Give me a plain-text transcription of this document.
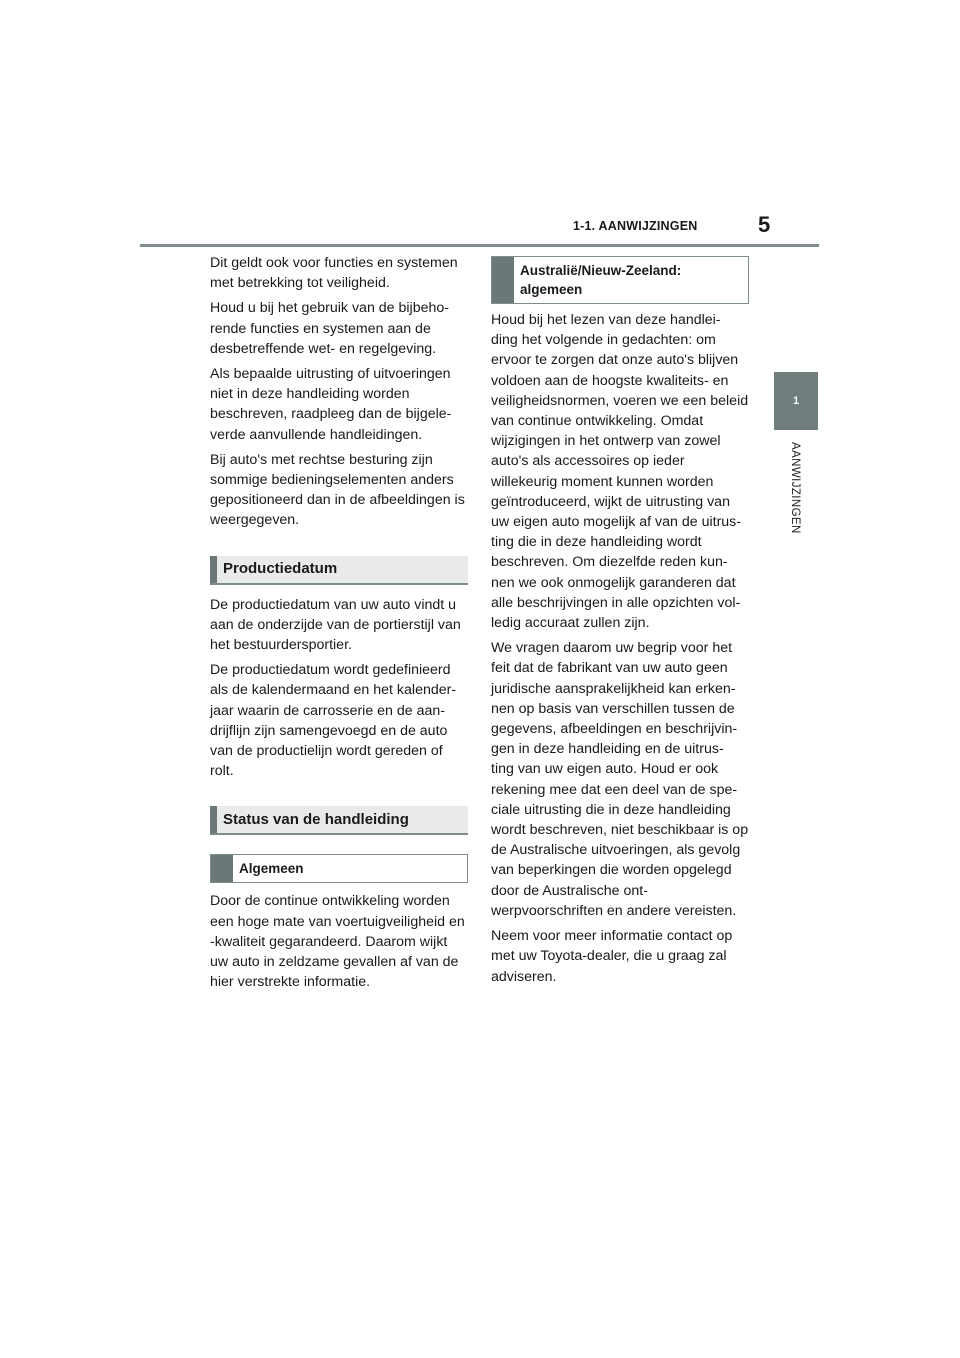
1-1. AANWIJZINGEN	5
1
AANWIJZINGEN

Dit geldt ook voor functies en systemen met betrekking tot veiligheid.

Houd u bij het gebruik van de bijbeho- rende functies en systemen aan de desbetreffende wet- en regelgeving.

Als bepaalde uitrusting of uitvoeringen niet in deze handleiding worden beschreven, raadpleeg dan de bijgele- verde aanvullende handleidingen.

Bij auto's met rechtse besturing zijn sommige bedieningselementen anders gepositioneerd dan in de afbeeldingen is weergegeven.

Productiedatum

De productiedatum van uw auto vindt u aan de onderzijde van de portierstijl van het bestuurdersportier.

De productiedatum wordt gedefinieerd als de kalendermaand en het kalender- jaar waarin de carrosserie en de aan- drijflijn zijn samengevoegd en de auto van de productielijn wordt gereden of rolt.

Status van de handleiding
Algemeen

Door de continue ontwikkeling worden een hoge mate van voertuigveiligheid en -kwaliteit gegarandeerd. Daarom wijkt uw auto in zeldzame gevallen af van de hier verstrekte informatie.

Australië/Nieuw-Zeeland: algemeen

Houd bij het lezen van deze handlei- ding het volgende in gedachten: om ervoor te zorgen dat onze auto's blijven voldoen aan de hoogste kwaliteits- en veiligheidsnormen, voeren we een beleid van continue ontwikkeling. Omdat wijzigingen in het ontwerp van zowel auto's als accessoires op ieder willekeurig moment kunnen worden geïntroduceerd, wijkt de uitrusting van uw eigen auto mogelijk af van de uitrus- ting die in deze handleiding wordt beschreven. Om diezelfde reden kun- nen we ook onmogelijk garanderen dat alle beschrijvingen in alle opzichten vol- ledig accuraat zullen zijn.

We vragen daarom uw begrip voor het feit dat de fabrikant van uw auto geen juridische aansprakelijkheid kan erken- nen op basis van verschillen tussen de gegevens, afbeeldingen en beschrijvin- gen in deze handleiding en de uitrus- ting van uw eigen auto. Houd er ook rekening mee dat een deel van de spe- ciale uitrusting die in deze handleiding wordt beschreven, niet beschikbaar is op de Australische uitvoeringen, als gevolg van beperkingen die worden opgelegd door de Australische ont- werpvoorschriften en andere vereisten.

Neem voor meer informatie contact op met uw Toyota-dealer, die u graag zal adviseren.
